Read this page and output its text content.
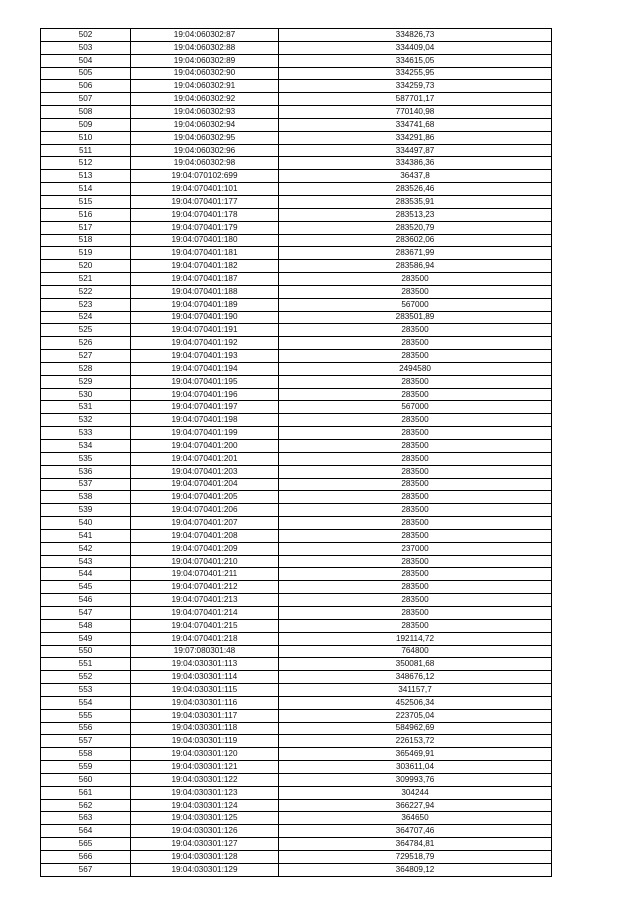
502	19:04:060302:87	334826,73
503	19:04:060302:88	334409,04
504	19:04:060302:89	334615,05
505	19:04:060302:90	334255,95
506	19:04:060302:91	334259,73
507	19:04:060302:92	587701,17
508	19:04:060302:93	770140,98
509	19:04:060302:94	334741,68
510	19:04:060302:95	334291,86
511	19:04:060302:96	334497,87
512	19:04:060302:98	334386,36
513	19:04:070102:699	36437,8
514	19:04:070401:101	283526,46
515	19:04:070401:177	283535,91
516	19:04:070401:178	283513,23
517	19:04:070401:179	283520,79
518	19:04:070401:180	283602,06
519	19:04:070401:181	283671,99
520	19:04:070401:182	283586,94
521	19:04:070401:187	283500
522	19:04:070401:188	283500
523	19:04:070401:189	567000
524	19:04:070401:190	283501,89
525	19:04:070401:191	283500
526	19:04:070401:192	283500
527	19:04:070401:193	283500
528	19:04:070401:194	2494580
529	19:04:070401:195	283500
530	19:04:070401:196	283500
531	19:04:070401:197	567000
532	19:04:070401:198	283500
533	19:04:070401:199	283500
534	19:04:070401:200	283500
535	19:04:070401:201	283500
536	19:04:070401:203	283500
537	19:04:070401:204	283500
538	19:04:070401:205	283500
539	19:04:070401:206	283500
540	19:04:070401:207	283500
541	19:04:070401:208	283500
542	19:04:070401:209	237000
543	19:04:070401:210	283500
544	19:04:070401:211	283500
545	19:04:070401:212	283500
546	19:04:070401:213	283500
547	19:04:070401:214	283500
548	19:04:070401:215	283500
549	19:04:070401:218	192114,72
550	19:07:080301:48	764800
551	19:04:030301:113	350081,68
552	19:04:030301:114	348676,12
553	19:04:030301:115	341157,7
554	19:04:030301:116	452506,34
555	19:04:030301:117	223705,04
556	19:04:030301:118	584962,69
557	19:04:030301:119	226153,72
558	19:04:030301:120	365469,91
559	19:04:030301:121	303611,04
560	19:04:030301:122	309993,76
561	19:04:030301:123	304244
562	19:04:030301:124	366227,94
563	19:04:030301:125	364650
564	19:04:030301:126	364707,46
565	19:04:030301:127	364784,81
566	19:04:030301:128	729518,79
567	19:04:030301:129	364809,12
